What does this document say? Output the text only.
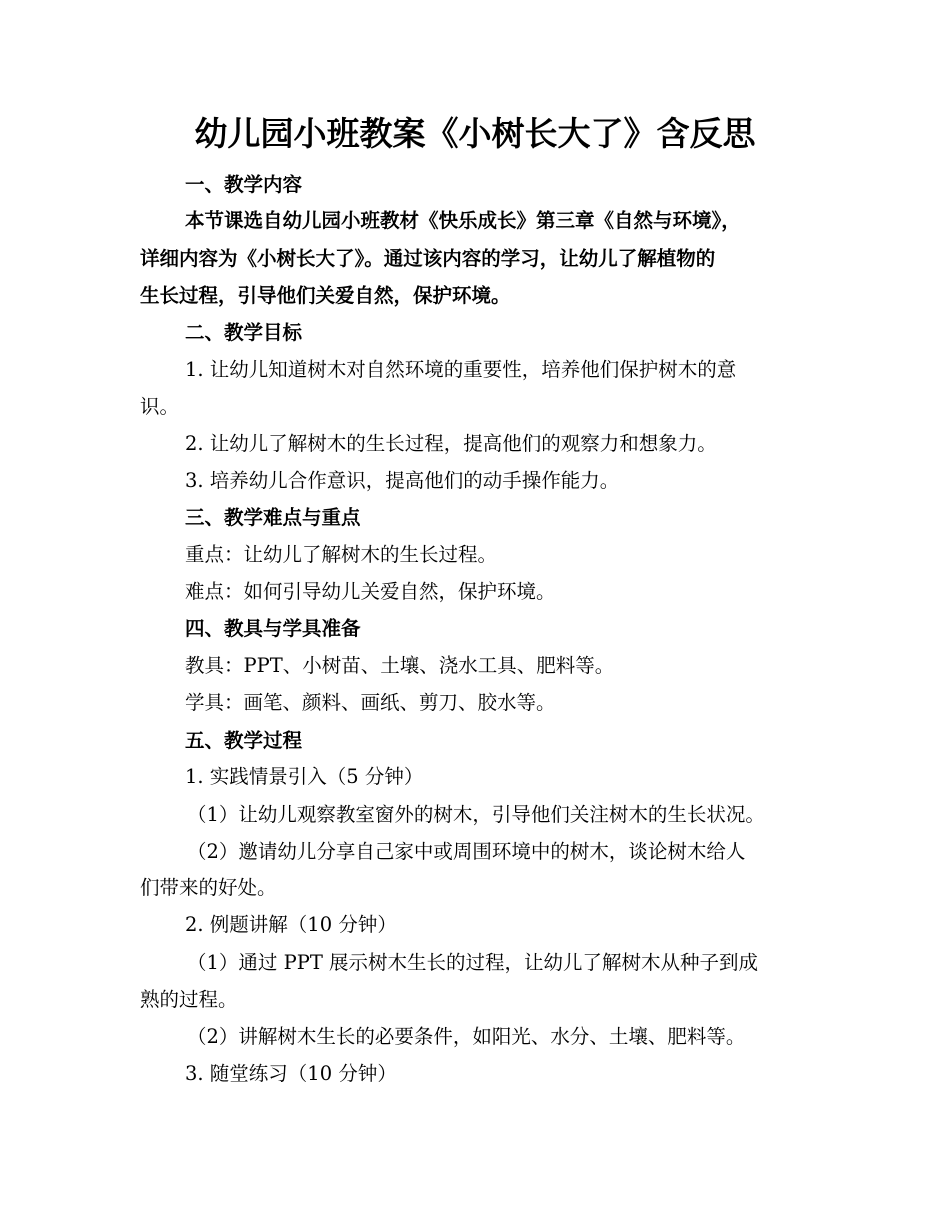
幼儿园小班教案《小树长大了》含反思

一、教学内容

本节课选自幼儿园小班教材《快乐成长》第三章《自然与环境》，

详细内容为《小树长大了》。通过该内容的学习，让幼儿了解植物的

生长过程，引导他们关爱自然，保护环境。

二、教学目标

1. 让幼儿知道树木对自然环境的重要性，培养他们保护树木的意

识。

2. 让幼儿了解树木的生长过程，提高他们的观察力和想象力。

3. 培养幼儿合作意识，提高他们的动手操作能力。

三、教学难点与重点

重点：让幼儿了解树木的生长过程。

难点：如何引导幼儿关爱自然，保护环境。

四、教具与学具准备

教具：PPT、小树苗、土壤、浇水工具、肥料等。

学具：画笔、颜料、画纸、剪刀、胶水等。

五、教学过程

1. 实践情景引入（5 分钟）

（1）让幼儿观察教室窗外的树木，引导他们关注树木的生长状况。

（2）邀请幼儿分享自己家中或周围环境中的树木，谈论树木给人

们带来的好处。

2. 例题讲解（10 分钟）

（1）通过 PPT 展示树木生长的过程，让幼儿了解树木从种子到成

熟的过程。

（2）讲解树木生长的必要条件，如阳光、水分、土壤、肥料等。

3. 随堂练习（10 分钟）
